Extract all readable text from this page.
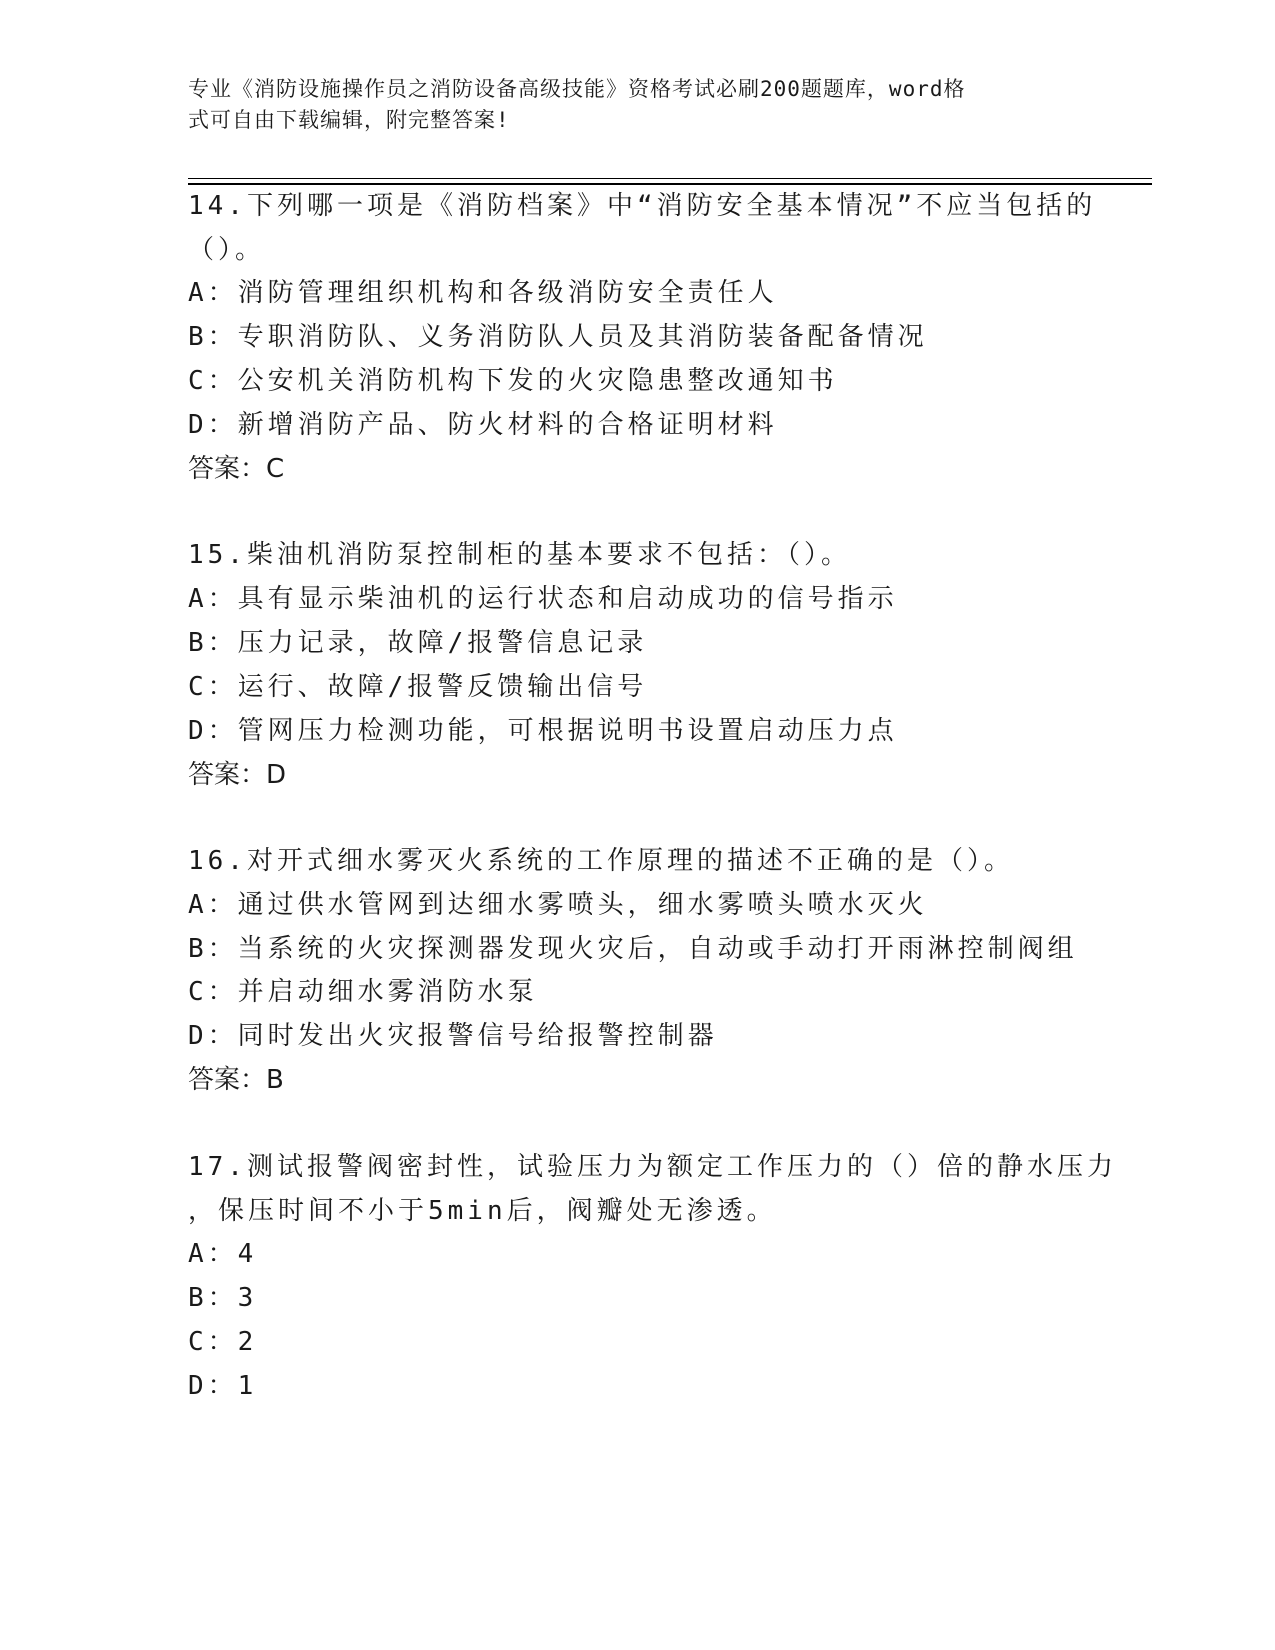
专业《消防设施操作员之消防设备高级技能》资格考试必刷200题题库，word格
式可自由下载编辑，附完整答案!
14.下列哪一项是《消防档案》中“消防安全基本情况”不应当包括的
（）。
A：消防管理组织机构和各级消防安全责任人
B：专职消防队、义务消防队人员及其消防装备配备情况
C：公安机关消防机构下发的火灾隐患整改通知书
D：新增消防产品、防火材料的合格证明材料
答案：C
15.柴油机消防泵控制柜的基本要求不包括：（）。
A：具有显示柴油机的运行状态和启动成功的信号指示
B：压力记录，故障/报警信息记录
C：运行、故障/报警反馈输出信号
D：管网压力检测功能，可根据说明书设置启动压力点
答案：D
16.对开式细水雾灭火系统的工作原理的描述不正确的是（）。
A：通过供水管网到达细水雾喷头，细水雾喷头喷水灭火
B：当系统的火灾探测器发现火灾后，自动或手动打开雨淋控制阀组
C：并启动细水雾消防水泵
D：同时发出火灾报警信号给报警控制器
答案：B
17.测试报警阀密封性，试验压力为额定工作压力的（）倍的静水压力
，保压时间不小于5min后，阀瓣处无渗透。
A：4
B：3
C：2
D：1
